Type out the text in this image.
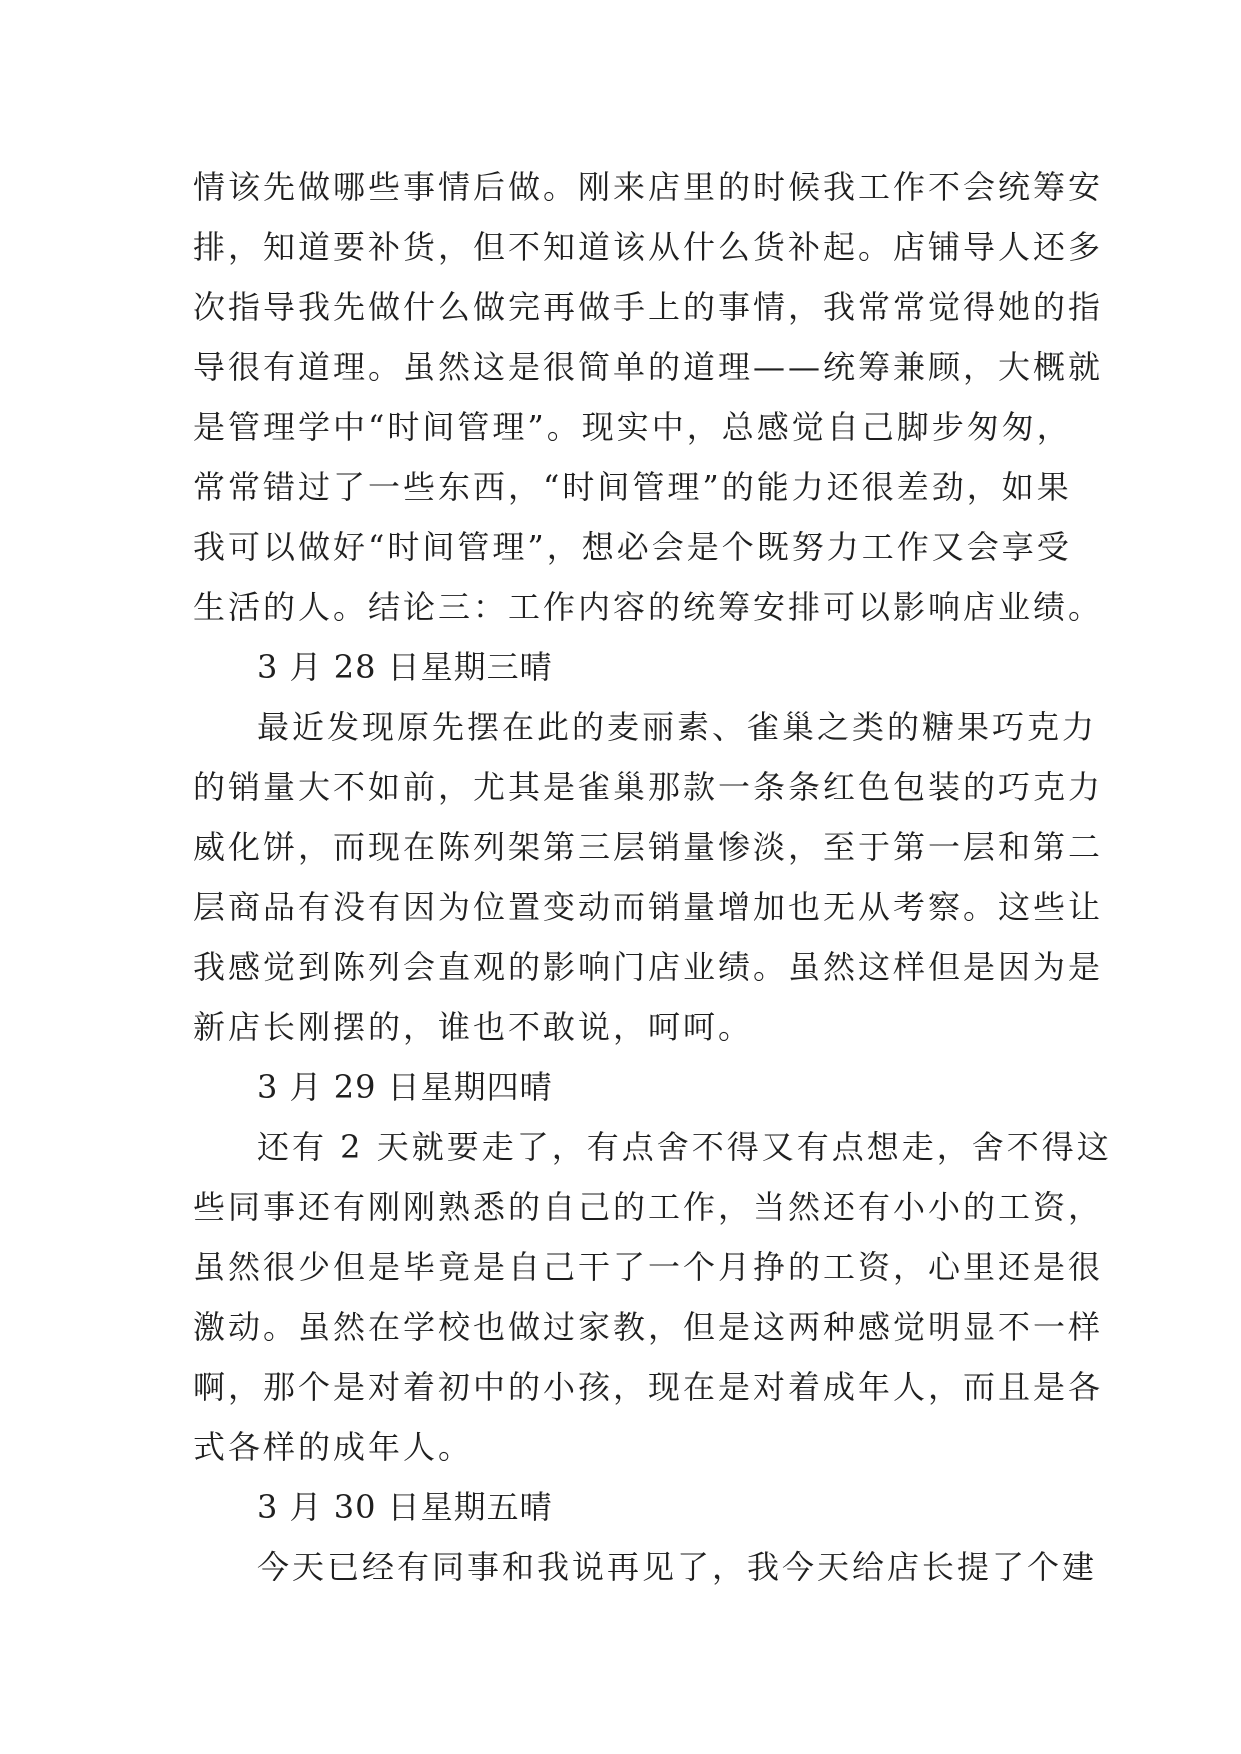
情该先做哪些事情后做。刚来店里的时候我工作不会统筹安
排，知道要补货，但不知道该从什么货补起。店铺导人还多
次指导我先做什么做完再做手上的事情，我常常觉得她的指
导很有道理。虽然这是很简单的道理——统筹兼顾，大概就
是管理学中“时间管理”。现实中，总感觉自己脚步匆匆，
常常错过了一些东西，“时间管理”的能力还很差劲，如果
我可以做好“时间管理”，想必会是个既努力工作又会享受
生活的人。结论三：工作内容的统筹安排可以影响店业绩。
3 月 28 日星期三晴
最近发现原先摆在此的麦丽素、雀巢之类的糖果巧克力
的销量大不如前，尤其是雀巢那款一条条红色包装的巧克力
威化饼，而现在陈列架第三层销量惨淡，至于第一层和第二
层商品有没有因为位置变动而销量增加也无从考察。这些让
我感觉到陈列会直观的影响门店业绩。虽然这样但是因为是
新店长刚摆的，谁也不敢说，呵呵。
3 月 29 日星期四晴
还有 2 天就要走了，有点舍不得又有点想走，舍不得这
些同事还有刚刚熟悉的自己的工作，当然还有小小的工资，
虽然很少但是毕竟是自己干了一个月挣的工资，心里还是很
激动。虽然在学校也做过家教，但是这两种感觉明显不一样
啊，那个是对着初中的小孩，现在是对着成年人，而且是各
式各样的成年人。
3 月 30 日星期五晴
今天已经有同事和我说再见了，我今天给店长提了个建
